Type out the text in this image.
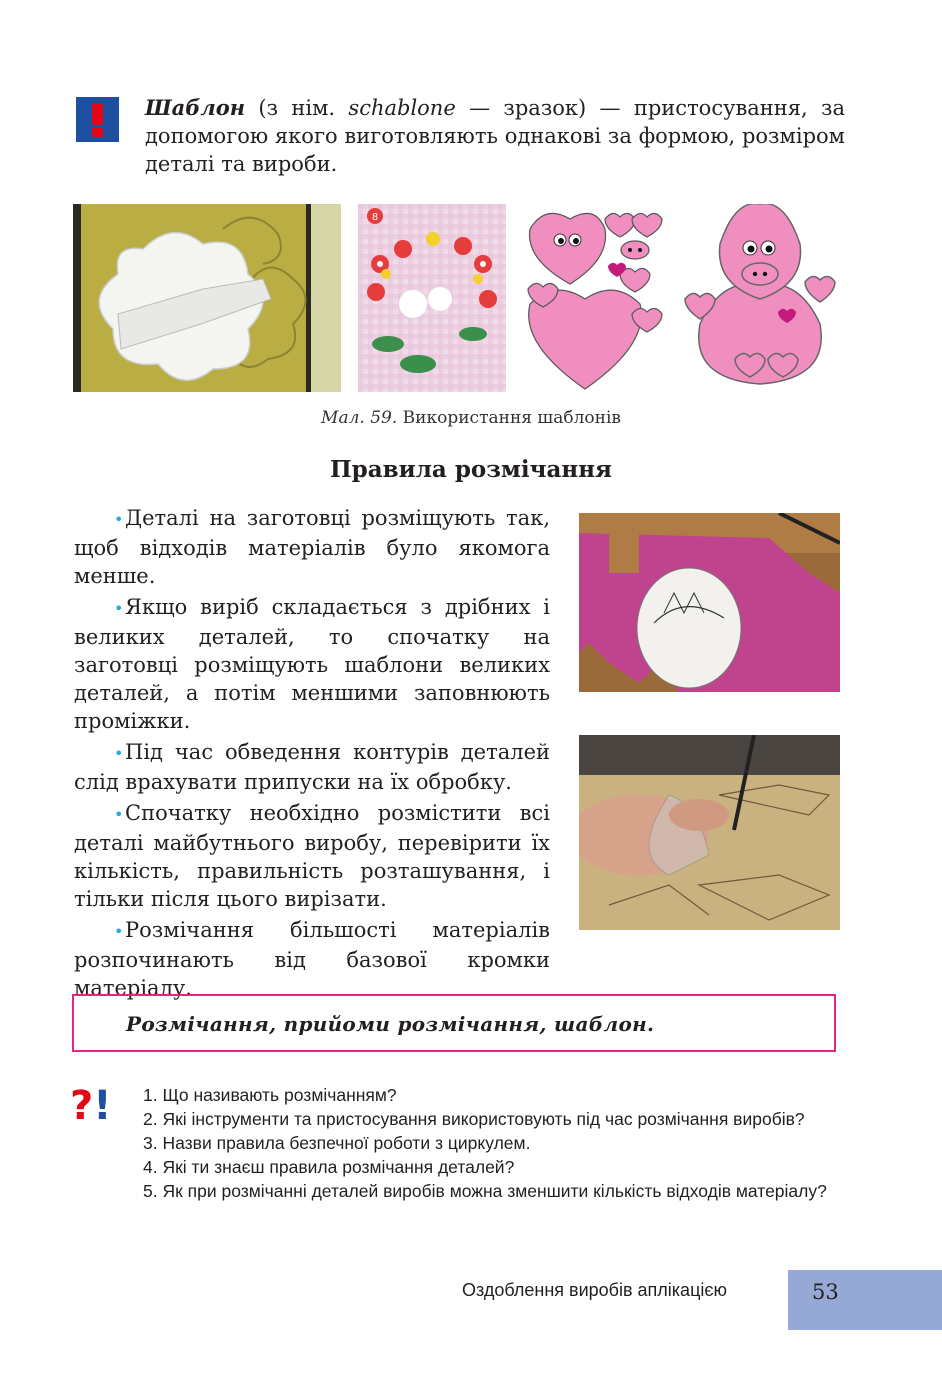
Шаблон (з нім. schablone — зразок) — пристосування, за допомогою якого виготовляють однакові за формою, розміром деталі та вироби.
8
Мал. 59. Використання шаблонів
Правила розмічання

• Деталі на заготовці розміщують так, щоб відходів матеріалів було якомога менше.

• Якщо виріб складається з дрібних і великих деталей, то спочатку на заготовці розміщують шаблони великих деталей, а потім меншими заповнюють проміжки.

• Під час обведення контурів деталей слід врахувати припуски на їх обробку.

• Спочатку необхідно розмістити всі деталі майбутнього виробу, перевірити їх кількість, правильність розташування, і тільки після цього вирізати.

• Розмічання більшості матеріалів розпочинають від базової кромки матеріалу.

Розмічання, прийоми розмічання, шаблон.
?! 1. Що називають розмічанням?
2. Які інструменти та пристосування використовують під час розмічання виробів?
3. Назви правила безпечної роботи з циркулем.
4. Які ти знаєш правила розмічання деталей?
5. Як при розмічанні деталей виробів можна зменшити кількість відходів матеріалу?
Оздоблення виробів аплікацією	53
